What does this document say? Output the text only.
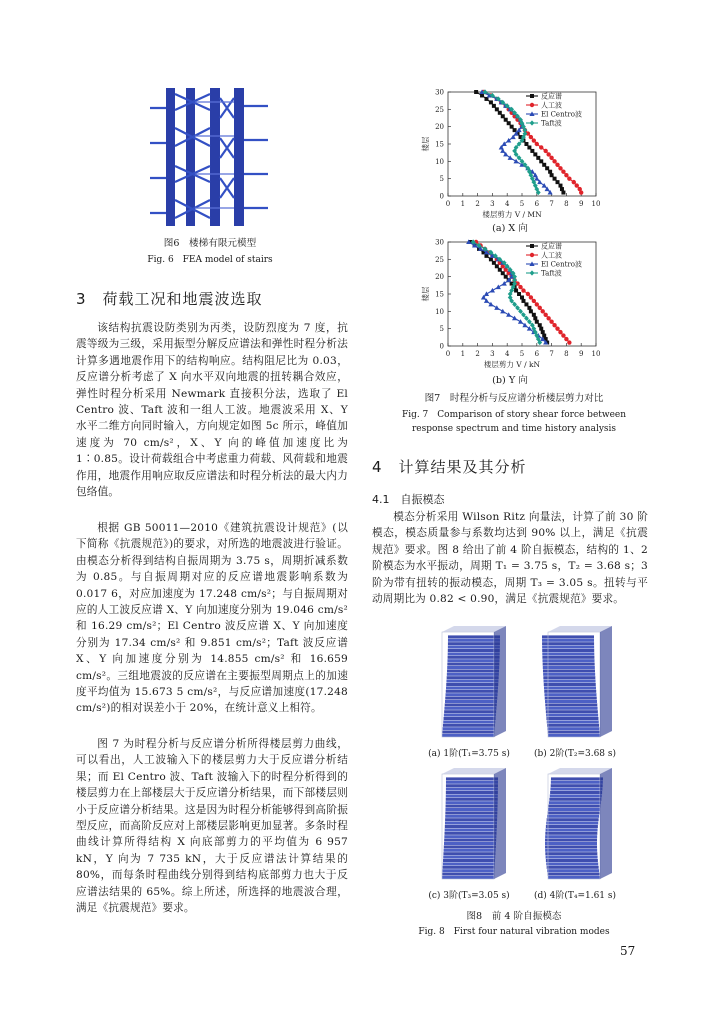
图6　楼梯有限元模型
Fig. 6　FEA model of stairs
3　荷载工况和地震波选取
该结构抗震设防类别为丙类，设防烈度为 7 度，抗震等级为三级，采用振型分解反应谱法和弹性时程分析法计算多遇地震作用下的结构响应。结构阻尼比为 0.03，反应谱分析考虑了 X 向水平双向地震的扭转耦合效应，弹性时程分析采用 Newmark 直接积分法，选取了 El Centro 波、Taft 波和一组人工波。地震波采用 X、Y 水平二维方向同时输入，方向规定如图 5c 所示，峰值加速度为 70 cm/s²，X、Y 向的峰值加速度比为 1∶0.85。设计荷载组合中考虑重力荷载、风荷载和地震作用，地震作用响应取反应谱法和时程分析法的最大内力包络值。
根据 GB 50011—2010《建筑抗震设计规范》(以下简称《抗震规范》)的要求，对所选的地震波进行验证。由模态分析得到结构自振周期为 3.75 s，周期折减系数为 0.85。与自振周期对应的反应谱地震影响系数为 0.017 6，对应加速度为 17.248 cm/s²；与自振周期对应的人工波反应谱 X、Y 向加速度分别为 19.046 cm/s² 和 16.29 cm/s²；El Centro 波反应谱 X、Y 向加速度分别为 17.34 cm/s² 和 9.851 cm/s²；Taft 波反应谱 X、Y 向加速度分别为 14.855 cm/s² 和 16.659 cm/s²。三组地震波的反应谱在主要振型周期点上的加速度平均值为 15.673 5 cm/s²，与反应谱加速度(17.248 cm/s²)的相对误差小于 20%，在统计意义上相符。
图 7 为时程分析与反应谱分析所得楼层剪力曲线，可以看出，人工波输入下的楼层剪力大于反应谱分析结果；而 El Centro 波、Taft 波输入下的时程分析得到的楼层剪力在上部楼层大于反应谱分析结果，而下部楼层则小于反应谱分析结果。这是因为时程分析能够得到高阶振型反应，而高阶反应对上部楼层影响更加显著。多条时程曲线计算所得结构 X 向底部剪力的平均值为 6 957 kN，Y 向为 7 735 kN，大于反应谱法计算结果的 80%，而每条时程曲线分别得到结构底部剪力也大于反应谱法结果的 65%。综上所述，所选择的地震波合理，满足《抗震规范》要求。
0 1 2 3 4 5 6 7 8 9 10
0
5
10
15
20
25
30
楼层剪力 V / MN
楼层
反应谱
人工波
El Centro波
Taft波
(a) X 向
0 1 2 3 4 5 6 7 8 9 10
0
5
10
15
20
25
30
楼层剪力 V / kN
楼层
反应谱
人工波
El Centro波
Taft波
(b) Y 向
图7　时程分析与反应谱分析楼层剪力对比
Fig. 7　Comparison of story shear force between
response spectrum and time history analysis
4　计算结果及其分析
4.1　自振模态
模态分析采用 Wilson Ritz 向量法，计算了前 30 阶模态，模态质量参与系数均达到 90% 以上，满足《抗震规范》要求。图 8 给出了前 4 阶自振模态，结构的 1、2 阶模态为水平振动，周期 T₁ = 3.75 s，T₂ = 3.68 s；3 阶为带有扭转的振动模态，周期 T₃ = 3.05 s。扭转与平动周期比为 0.82 < 0.90，满足《抗震规范》要求。
(a) 1阶(T₁=3.75 s)	(b) 2阶(T₂=3.68 s)
(c) 3阶(T₃=3.05 s)	(d) 4阶(T₄=1.61 s)
图8　前 4 阶自振模态
Fig. 8　First four natural vibration modes
57
